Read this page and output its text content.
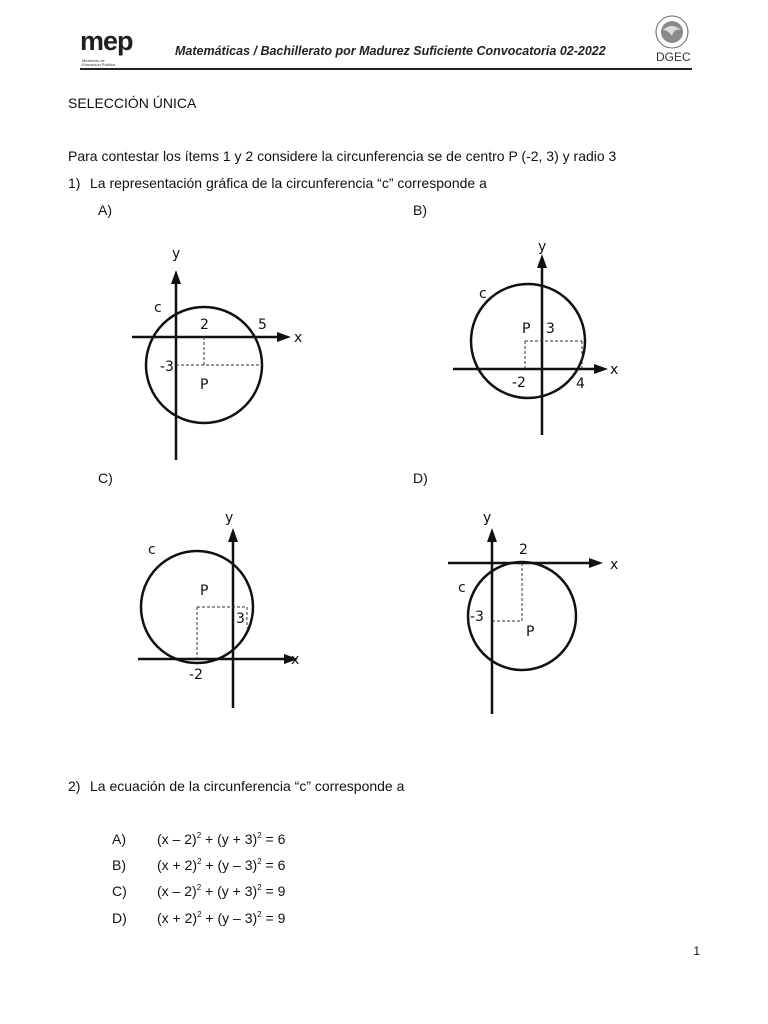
mep
Ministerio de Educación Pública
Matemáticas / Bachillerato por Madurez Suficiente Convocatoria 02-2022	DGEC
SELECCIÓN ÚNICA
Para contestar los ítems 1 y 2 considere la circunferencia se de centro P (-2, 3) y radio 3
1) La representación gráfica de la circunferencia “c” corresponde a
A)	B)
C)	D)
y
x
c
2	5
-3
P
y
x
c
P 3
-2	4
y
x
c
P
3
-2
y
x
c
2
-3
P
2) La ecuación de la circunferencia “c” corresponde a
A) $(x - 2)^2 + (y + 3)^2 = 6$
B) $(x + 2)^2 + (y - 3)^2 = 6$
C) $(x - 2)^2 + (y + 3)^2 = 9$
D) $(x + 2)^2 + (y - 3)^2 = 9$
1
